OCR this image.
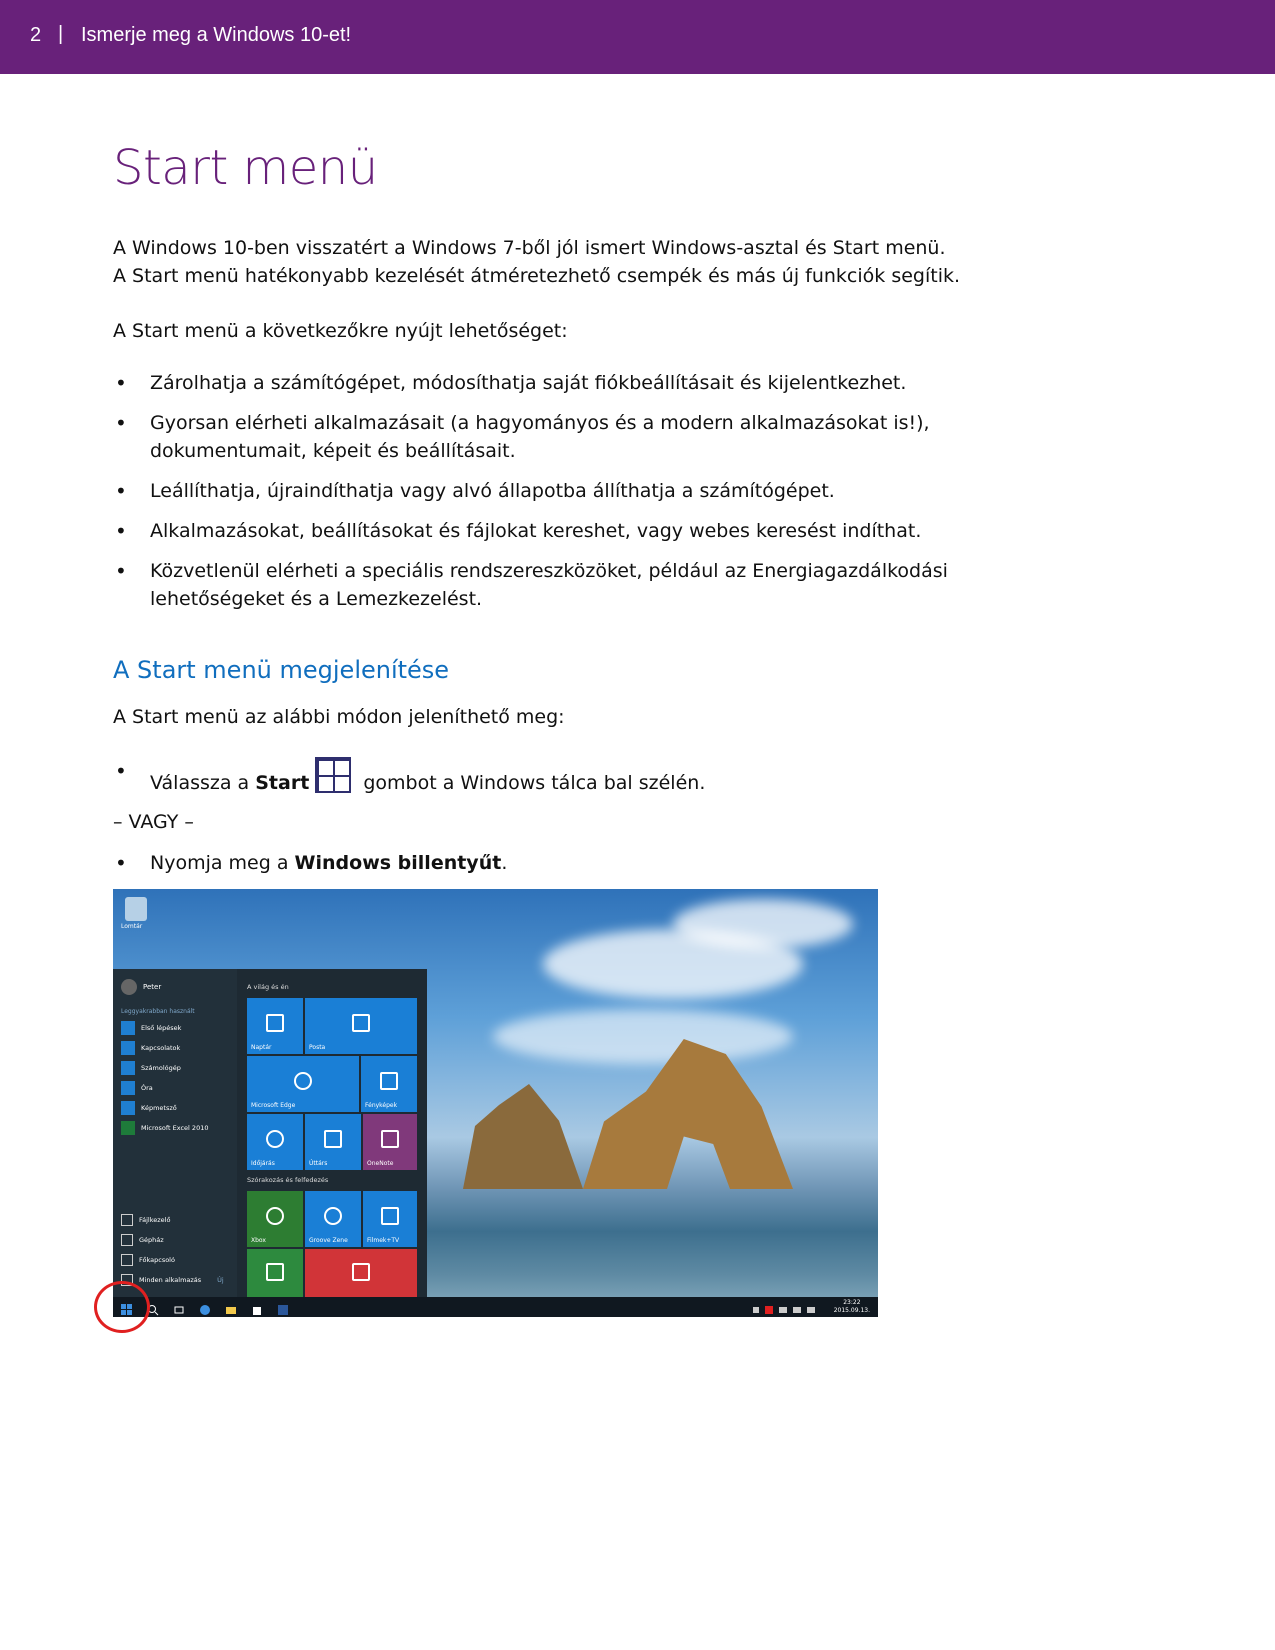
2 | Ismerje meg a Windows 10-et!
Start menü

A Windows 10-ben visszatért a Windows 7-ből jól ismert Windows-asztal és Start menü.
A Start menü hatékonyabb kezelését átméretezhető csempék és más új funkciók segítik.

A Start menü a következőkre nyújt lehetőséget:

• Zárolhatja a számítógépet, módosíthatja saját fiókbeállításait és kijelentkezhet.
• Gyorsan elérheti alkalmazásait (a hagyományos és a modern alkalmazásokat is!), dokumentumait, képeit és beállításait.
• Leállíthatja, újraindíthatja vagy alvó állapotba állíthatja a számítógépet.
• Alkalmazásokat, beállításokat és fájlokat kereshet, vagy webes keresést indíthat.
• Közvetlenül elérheti a speciális rendszereszközöket, például az Energiagazdálkodási lehetőségeket és a Lemezkezelést.
A Start menü megjelenítése

A Start menü az alábbi módon jeleníthető meg:

• Válassza a Start	gombot a Windows tálca bal szélén.

– VAGY –

• Nyomja meg a Windows billentyűt.
Lomtár
Peter
Leggyakrabban használt
Első lépések
Kapcsolatok
Számológép
Óra
Képmetsző
Microsoft Excel 2010
Fájlkezelő
Gépház
Főkapcsoló
Minden alkalmazás Új
A világ és én
Naptár	Posta
Microsoft Edge	Fényképek
Időjárás	Úttárs	OneNote
Szórakozás és felfedezés
Xbox	Groove Zene	Filmek+TV
23:22
2015.09.13.
